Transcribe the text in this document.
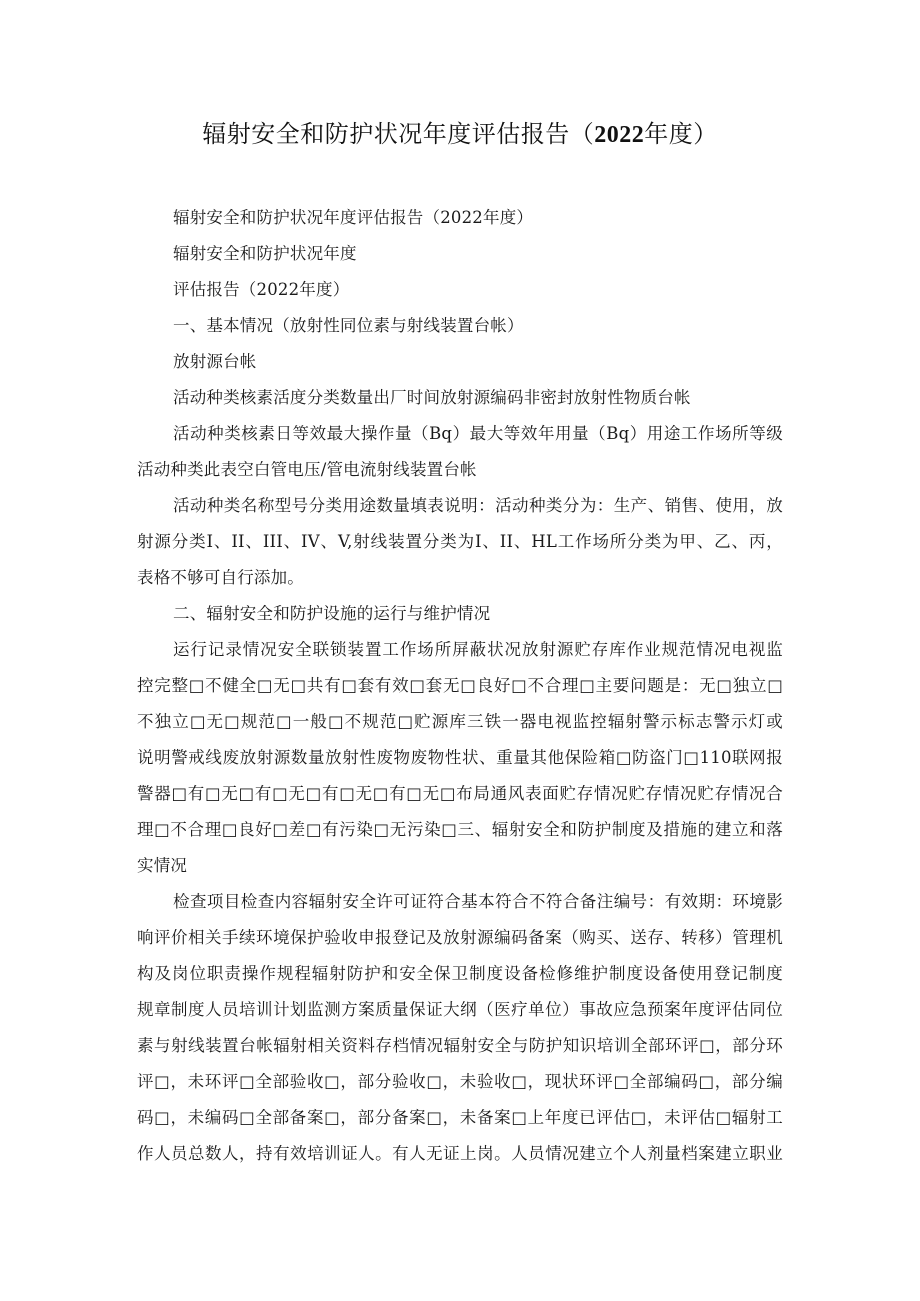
辐射安全和防护状况年度评估报告（2022年度）
辐射安全和防护状况年度评估报告（2022年度）
辐射安全和防护状况年度
评估报告（2022年度）
一、基本情况（放射性同位素与射线装置台帐）
放射源台帐
活动种类核素活度分类数量出厂时间放射源编码非密封放射性物质台帐
活动种类核素日等效最大操作量（Bq）最大等效年用量（Bq）用途工作场所等级
活动种类此表空白管电压/管电流射线装置台帐
活动种类名称型号分类用途数量填表说明：活动种类分为：生产、销售、使用，放
射源分类I、II、III、IV、V,射线装置分类为I、II、HL工作场所分类为甲、乙、丙，
表格不够可自行添加。
二、辐射安全和防护设施的运行与维护情况
运行记录情况安全联锁装置工作场所屏蔽状况放射源贮存库作业规范情况电视监
控完整□不健全□无□共有□套有效□套无□良好□不合理□主要问题是：无□独立□
不独立□无□规范□一般□不规范□贮源库三铁一器电视监控辐射警示标志警示灯或
说明警戒线废放射源数量放射性废物废物性状、重量其他保险箱□防盗门□110联网报
警器□有□无□有□无□有□无□有□无□布局通风表面贮存情况贮存情况贮存情况合
理□不合理□良好□差□有污染□无污染□三、辐射安全和防护制度及措施的建立和落
实情况
检查项目检查内容辐射安全许可证符合基本符合不符合备注编号：有效期：环境影
响评价相关手续环境保护验收申报登记及放射源编码备案（购买、送存、转移）管理机
构及岗位职责操作规程辐射防护和安全保卫制度设备检修维护制度设备使用登记制度
规章制度人员培训计划监测方案质量保证大纲（医疗单位）事故应急预案年度评估同位
素与射线装置台帐辐射相关资料存档情况辐射安全与防护知识培训全部环评□，部分环
评□，未环评□全部验收□，部分验收□，未验收□，现状环评□全部编码□，部分编
码□，未编码□全部备案□，部分备案□，未备案□上年度已评估□，未评估□辐射工
作人员总数人，持有效培训证人。有人无证上岗。人员情况建立个人剂量档案建立职业
